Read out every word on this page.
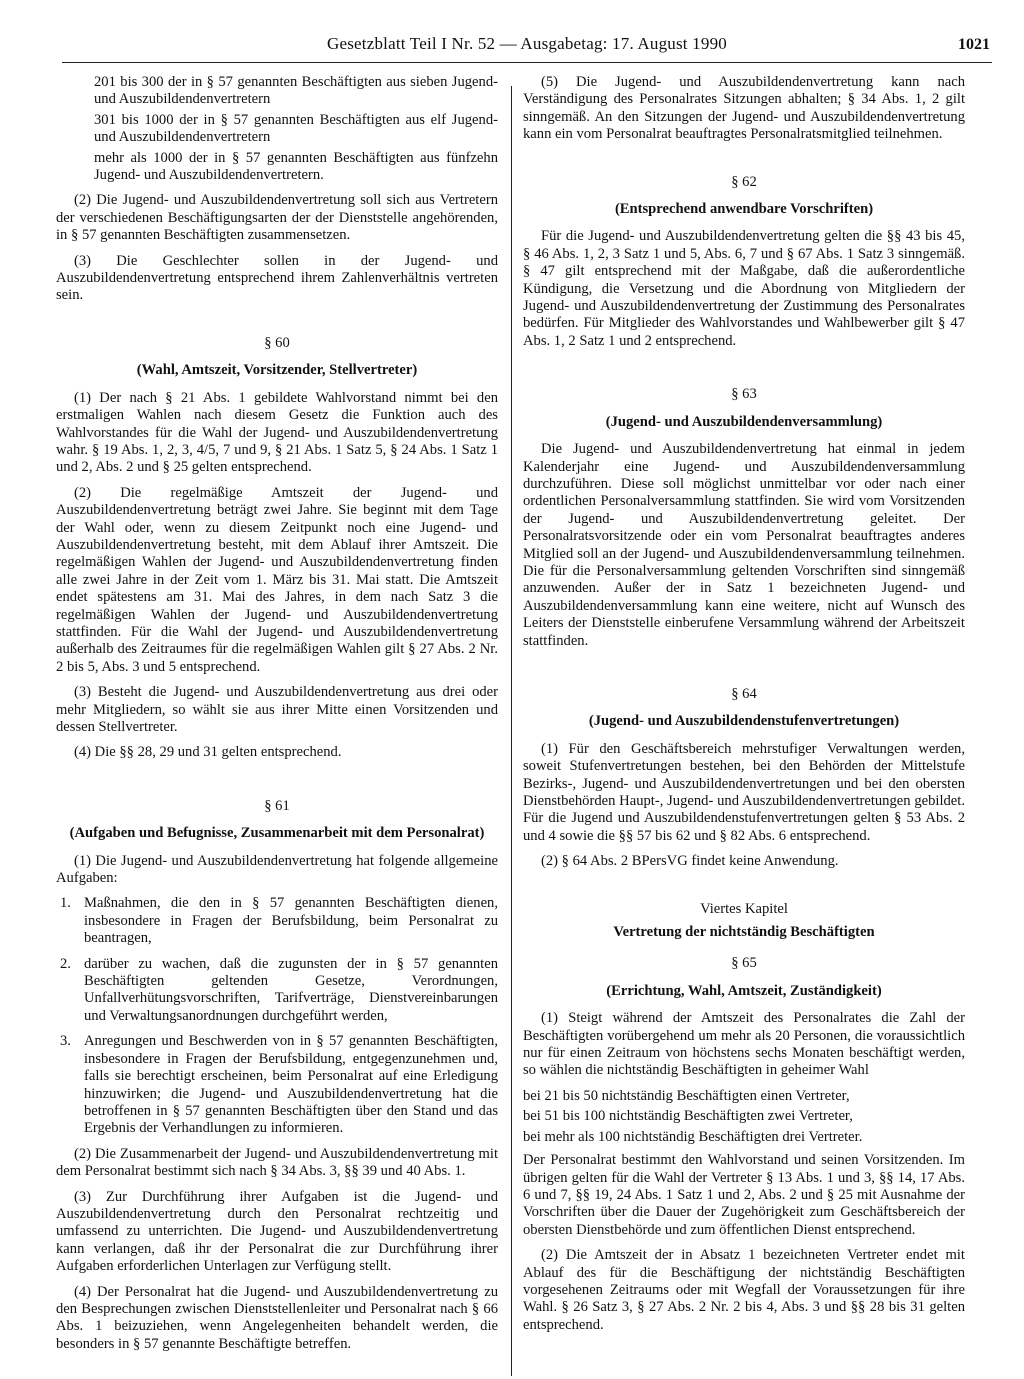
Gesetzblatt Teil I Nr. 52 — Ausgabetag: 17. August 1990	1021

201 bis 300 der in § 57 genannten Beschäftigten aus sieben Jugend- und Auszubildendenvertretern

301 bis 1000 der in § 57 genannten Beschäftigten aus elf Jugend- und Auszubildendenvertretern

mehr als 1000 der in § 57 genannten Beschäftigten aus fünfzehn Jugend- und Auszubildendenvertretern.

(2) Die Jugend- und Auszubildendenvertretung soll sich aus Vertretern der verschiedenen Beschäftigungsarten der der Dienststelle angehörenden, in § 57 genannten Beschäftigten zusammensetzen.

(3) Die Geschlechter sollen in der Jugend- und Auszubildendenvertretung entsprechend ihrem Zahlenverhältnis vertreten sein.

§ 60
(Wahl, Amtszeit, Vorsitzender, Stellvertreter)

(1) Der nach § 21 Abs. 1 gebildete Wahlvorstand nimmt bei den erstmaligen Wahlen nach diesem Gesetz die Funktion auch des Wahlvorstandes für die Wahl der Jugend- und Auszubildendenvertretung wahr. § 19 Abs. 1, 2, 3, 4/5, 7 und 9, § 21 Abs. 1 Satz 5, § 24 Abs. 1 Satz 1 und 2, Abs. 2 und § 25 gelten entsprechend.

(2) Die regelmäßige Amtszeit der Jugend- und Auszubildendenvertretung beträgt zwei Jahre. Sie beginnt mit dem Tage der Wahl oder, wenn zu diesem Zeitpunkt noch eine Jugend- und Auszubildendenvertretung besteht, mit dem Ablauf ihrer Amtszeit. Die regelmäßigen Wahlen der Jugend- und Auszubildendenvertretung finden alle zwei Jahre in der Zeit vom 1. März bis 31. Mai statt. Die Amtszeit endet spätestens am 31. Mai des Jahres, in dem nach Satz 3 die regelmäßigen Wahlen der Jugend- und Auszubildendenvertretung stattfinden. Für die Wahl der Jugend- und Auszubildendenvertretung außerhalb des Zeitraumes für die regelmäßigen Wahlen gilt § 27 Abs. 2 Nr. 2 bis 5, Abs. 3 und 5 entsprechend.

(3) Besteht die Jugend- und Auszubildendenvertretung aus drei oder mehr Mitgliedern, so wählt sie aus ihrer Mitte einen Vorsitzenden und dessen Stellvertreter.

(4) Die §§ 28, 29 und 31 gelten entsprechend.

§ 61
(Aufgaben und Befugnisse, Zusammenarbeit mit dem Personalrat)

(1) Die Jugend- und Auszubildendenvertretung hat folgende allgemeine Aufgaben:

1. Maßnahmen, die den in § 57 genannten Beschäftigten dienen, insbesondere in Fragen der Berufsbildung, beim Personalrat zu beantragen,
2. darüber zu wachen, daß die zugunsten der in § 57 genannten Beschäftigten geltenden Gesetze, Verordnungen, Unfallverhütungsvorschriften, Tarifverträge, Dienstvereinbarungen und Verwaltungsanordnungen durchgeführt werden,
3. Anregungen und Beschwerden von in § 57 genannten Beschäftigten, insbesondere in Fragen der Berufsbildung, entgegenzunehmen und, falls sie berechtigt erscheinen, beim Personalrat auf eine Erledigung hinzuwirken; die Jugend- und Auszubildendenvertretung hat die betroffenen in § 57 genannten Beschäftigten über den Stand und das Ergebnis der Verhandlungen zu informieren.

(2) Die Zusammenarbeit der Jugend- und Auszubildendenvertretung mit dem Personalrat bestimmt sich nach § 34 Abs. 3, §§ 39 und 40 Abs. 1.

(3) Zur Durchführung ihrer Aufgaben ist die Jugend- und Auszubildendenvertretung durch den Personalrat rechtzeitig und umfassend zu unterrichten. Die Jugend- und Auszubildendenvertretung kann verlangen, daß ihr der Personalrat die zur Durchführung ihrer Aufgaben erforderlichen Unterlagen zur Verfügung stellt.

(4) Der Personalrat hat die Jugend- und Auszubildendenvertretung zu den Besprechungen zwischen Dienststellenleiter und Personalrat nach § 66 Abs. 1 beizuziehen, wenn Angelegenheiten behandelt werden, die besonders in § 57 genannte Beschäftigte betreffen.

(5) Die Jugend- und Auszubildendenvertretung kann nach Verständigung des Personalrates Sitzungen abhalten; § 34 Abs. 1, 2 gilt sinngemäß. An den Sitzungen der Jugend- und Auszubildendenvertretung kann ein vom Personalrat beauftragtes Personalratsmitglied teilnehmen.

§ 62
(Entsprechend anwendbare Vorschriften)

Für die Jugend- und Auszubildendenvertretung gelten die §§ 43 bis 45, § 46 Abs. 1, 2, 3 Satz 1 und 5, Abs. 6, 7 und § 67 Abs. 1 Satz 3 sinngemäß. § 47 gilt entsprechend mit der Maßgabe, daß die außerordentliche Kündigung, die Versetzung und die Abordnung von Mitgliedern der Jugend- und Auszubildendenvertretung der Zustimmung des Personalrates bedürfen. Für Mitglieder des Wahlvorstandes und Wahlbewerber gilt § 47 Abs. 1, 2 Satz 1 und 2 entsprechend.

§ 63
(Jugend- und Auszubildendenversammlung)

Die Jugend- und Auszubildendenvertretung hat einmal in jedem Kalenderjahr eine Jugend- und Auszubildendenversammlung durchzuführen. Diese soll möglichst unmittelbar vor oder nach einer ordentlichen Personalversammlung stattfinden. Sie wird vom Vorsitzenden der Jugend- und Auszubildendenvertretung geleitet. Der Personalratsvorsitzende oder ein vom Personalrat beauftragtes anderes Mitglied soll an der Jugend- und Auszubildendenversammlung teilnehmen. Die für die Personalversammlung geltenden Vorschriften sind sinngemäß anzuwenden. Außer der in Satz 1 bezeichneten Jugend- und Auszubildendenversammlung kann eine weitere, nicht auf Wunsch des Leiters der Dienststelle einberufene Versammlung während der Arbeitszeit stattfinden.

§ 64
(Jugend- und Auszubildendenstufenvertretungen)

(1) Für den Geschäftsbereich mehrstufiger Verwaltungen werden, soweit Stufenvertretungen bestehen, bei den Behörden der Mittelstufe Bezirks-, Jugend- und Auszubildendenvertretungen und bei den obersten Dienstbehörden Haupt-, Jugend- und Auszubildendenvertretungen gebildet. Für die Jugend und Auszubildendenstufenvertretungen gelten § 53 Abs. 2 und 4 sowie die §§ 57 bis 62 und § 82 Abs. 6 entsprechend.

(2) § 64 Abs. 2 BPersVG findet keine Anwendung.

Viertes Kapitel
Vertretung der nichtständig Beschäftigten
§ 65
(Errichtung, Wahl, Amtszeit, Zuständigkeit)

(1) Steigt während der Amtszeit des Personalrates die Zahl der Beschäftigten vorübergehend um mehr als 20 Personen, die voraussichtlich nur für einen Zeitraum von höchstens sechs Monaten beschäftigt werden, so wählen die nichtständig Beschäftigten in geheimer Wahl

bei 21 bis 50 nichtständig Beschäftigten einen Vertreter,

bei 51 bis 100 nichtständig Beschäftigten zwei Vertreter,

bei mehr als 100 nichtständig Beschäftigten drei Vertreter.

Der Personalrat bestimmt den Wahlvorstand und seinen Vorsitzenden. Im übrigen gelten für die Wahl der Vertreter § 13 Abs. 1 und 3, §§ 14, 17 Abs. 6 und 7, §§ 19, 24 Abs. 1 Satz 1 und 2, Abs. 2 und § 25 mit Ausnahme der Vorschriften über die Dauer der Zugehörigkeit zum Geschäftsbereich der obersten Dienstbehörde und zum öffentlichen Dienst entsprechend.

(2) Die Amtszeit der in Absatz 1 bezeichneten Vertreter endet mit Ablauf des für die Beschäftigung der nichtständig Beschäftigten vorgesehenen Zeitraums oder mit Wegfall der Voraussetzungen für ihre Wahl. § 26 Satz 3, § 27 Abs. 2 Nr. 2 bis 4, Abs. 3 und §§ 28 bis 31 gelten entsprechend.
